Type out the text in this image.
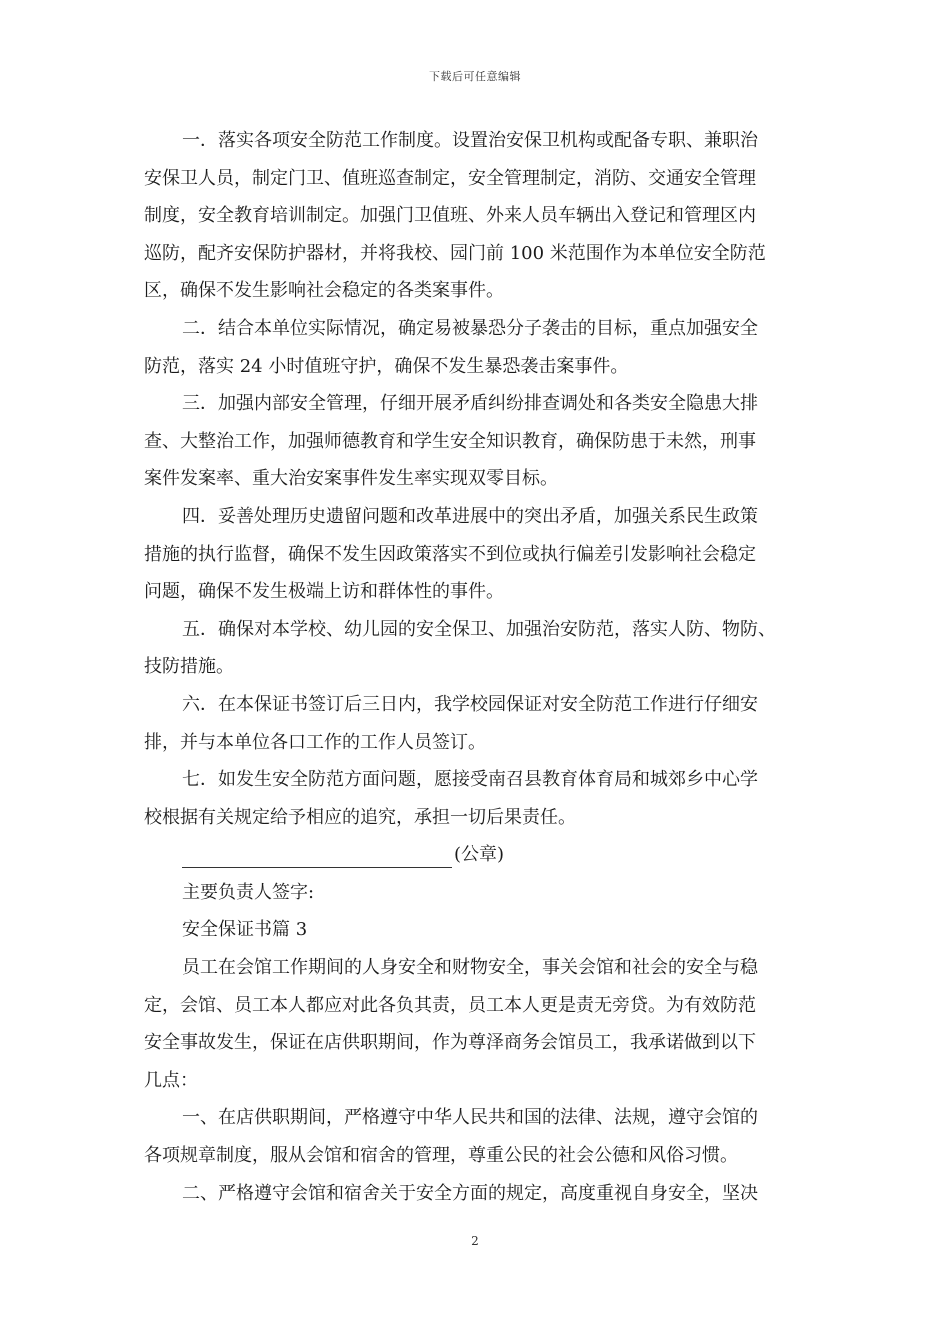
下载后可任意编辑
一．落实各项安全防范工作制度。设置治安保卫机构或配备专职、兼职治
安保卫人员，制定门卫、值班巡查制定，安全管理制定，消防、交通安全管理
制度，安全教育培训制定。加强门卫值班、外来人员车辆出入登记和管理区内
巡防，配齐安保防护器材，并将我校、园门前 100 米范围作为本单位安全防范
区，确保不发生影响社会稳定的各类案事件。
二．结合本单位实际情况，确定易被暴恐分子袭击的目标，重点加强安全
防范，落实 24 小时值班守护，确保不发生暴恐袭击案事件。
三．加强内部安全管理，仔细开展矛盾纠纷排查调处和各类安全隐患大排
查、大整治工作，加强师德教育和学生安全知识教育，确保防患于未然，刑事
案件发案率、重大治安案事件发生率实现双零目标。
四．妥善处理历史遗留问题和改革进展中的突出矛盾，加强关系民生政策
措施的执行监督，确保不发生因政策落实不到位或执行偏差引发影响社会稳定
问题，确保不发生极端上访和群体性的事件。
五．确保对本学校、幼儿园的安全保卫、加强治安防范，落实人防、物防、
技防措施。
六．在本保证书签订后三日内，我学校园保证对安全防范工作进行仔细安
排，并与本单位各口工作的工作人员签订。
七．如发生安全防范方面问题，愿接受南召县教育体育局和城郊乡中心学
校根据有关规定给予相应的追究，承担一切后果责任。
(公章)
主要负责人签字:
安全保证书篇 3
员工在会馆工作期间的人身安全和财物安全，事关会馆和社会的安全与稳
定，会馆、员工本人都应对此各负其责，员工本人更是责无旁贷。为有效防范
安全事故发生，保证在店供职期间，作为尊泽商务会馆员工，我承诺做到以下
几点：
一、在店供职期间，严格遵守中华人民共和国的法律、法规，遵守会馆的
各项规章制度，服从会馆和宿舍的管理，尊重公民的社会公德和风俗习惯。
二、严格遵守会馆和宿舍关于安全方面的规定，高度重视自身安全，坚决
2
